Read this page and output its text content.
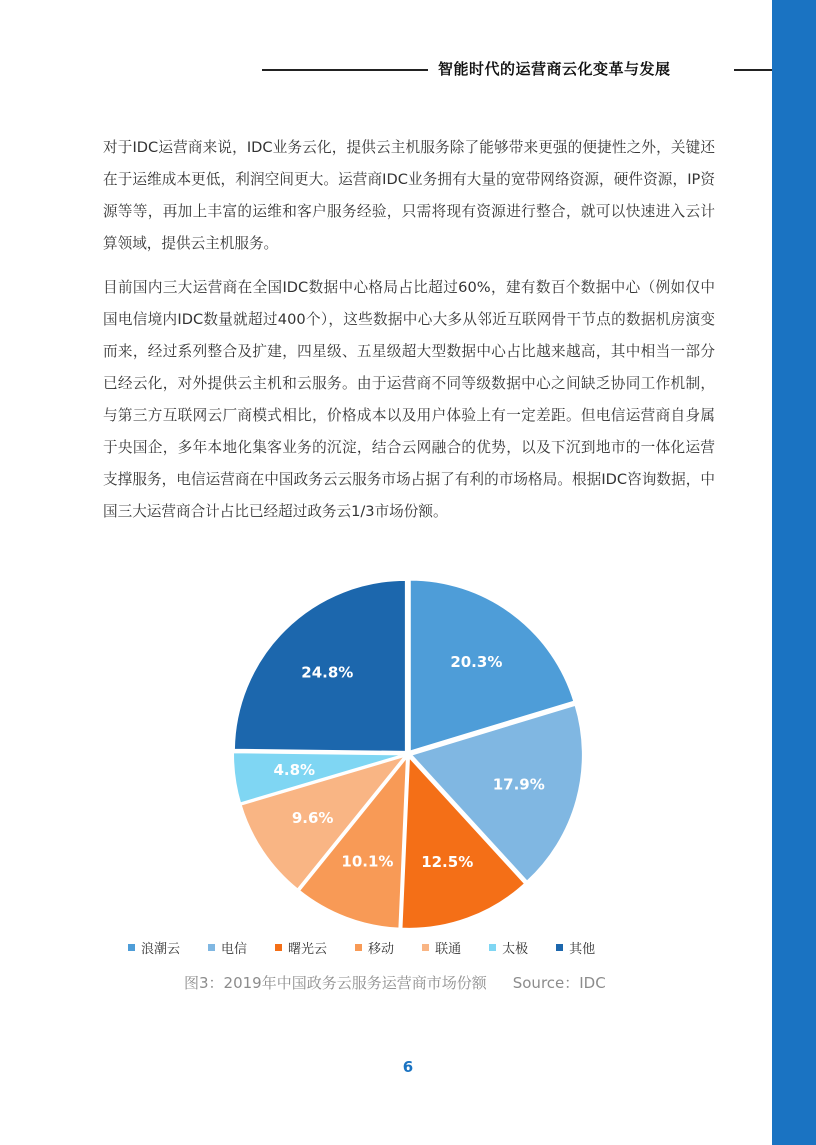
智能时代的运营商云化变革与发展

对于IDC运营商来说，IDC业务云化，提供云主机服务除了能够带来更强的便捷性之外，关键还在于运维成本更低，利润空间更大。运营商IDC业务拥有大量的宽带网络资源，硬件资源，IP资源等等，再加上丰富的运维和客户服务经验，只需将现有资源进行整合，就可以快速进入云计算领域，提供云主机服务。

目前国内三大运营商在全国IDC数据中心格局占比超过60%，建有数百个数据中心（例如仅中国电信境内IDC数量就超过400个），这些数据中心大多从邻近互联网骨干节点的数据机房演变而来，经过系列整合及扩建，四星级、五星级超大型数据中心占比越来越高，其中相当一部分已经云化，对外提供云主机和云服务。由于运营商不同等级数据中心之间缺乏协同工作机制，与第三方互联网云厂商模式相比，价格成本以及用户体验上有一定差距。但电信运营商自身属于央国企，多年本地化集客业务的沉淀，结合云网融合的优势，以及下沉到地市的一体化运营支撑服务，电信运营商在中国政务云云服务市场占据了有利的市场格局。根据IDC咨询数据，中国三大运营商合计占比已经超过政务云1/3市场份额。

20.3%
17.9%
12.5%
10.1%
9.6%
4.8%
24.8%
浪潮云	电信	曙光云	移动	联通	太极	其他
图3：2019年中国政务云服务运营商市场份额 Source：IDC
6
